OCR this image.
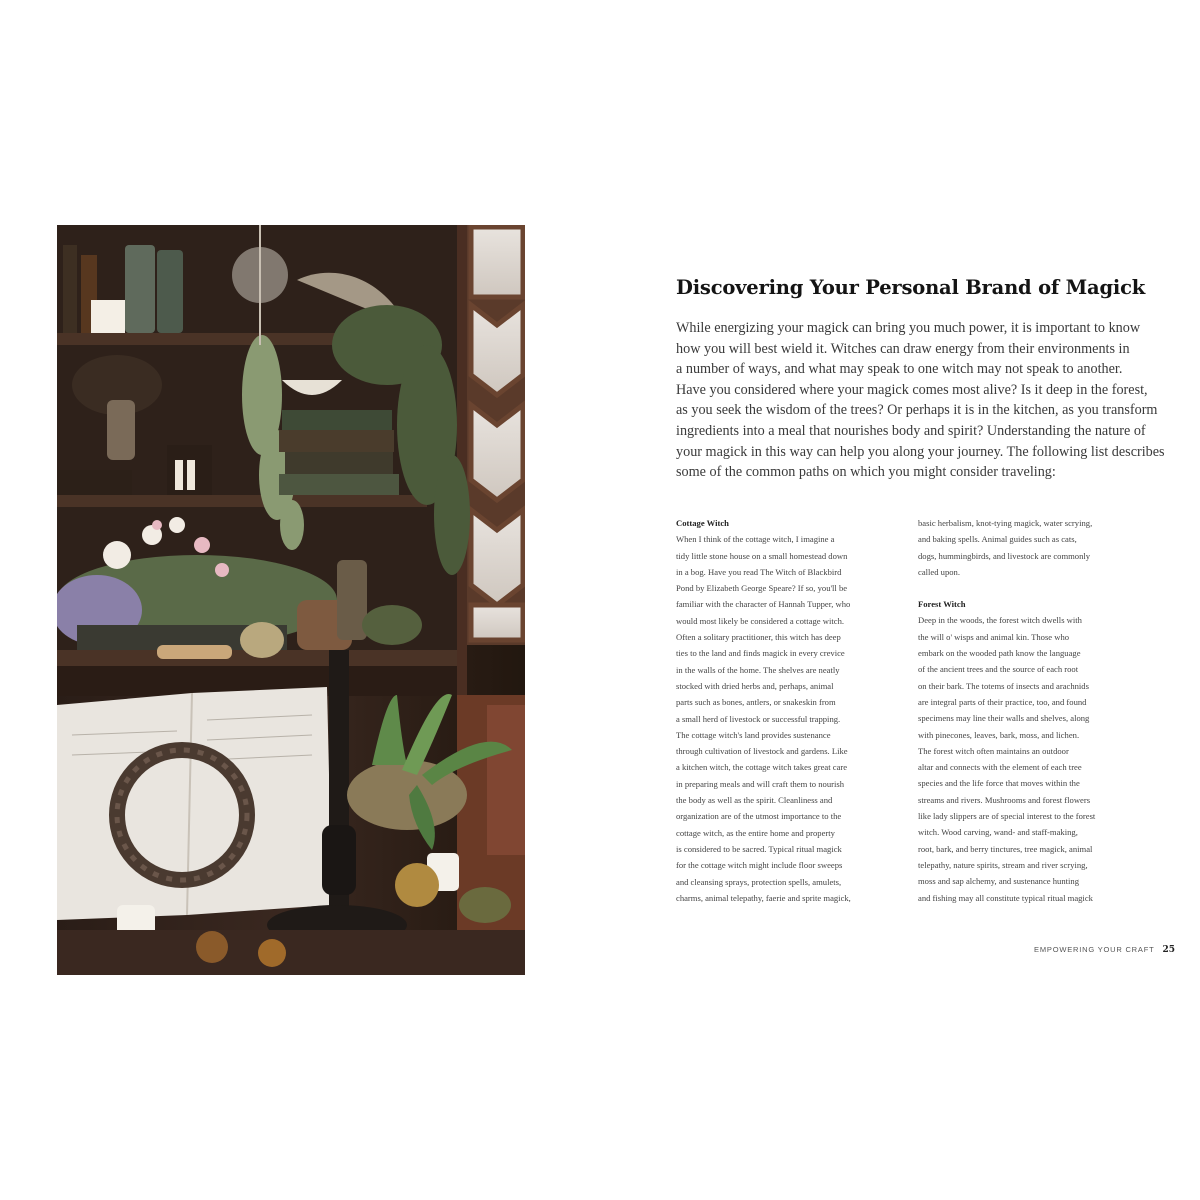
Discovering Your Personal Brand of Magick
While energizing your magick can bring you much power, it is important to know
how you will best wield it. Witches can draw energy from their environments in
a number of ways, and what may speak to one witch may not speak to another.
Have you considered where your magick comes most alive? Is it deep in the forest,
as you seek the wisdom of the trees? Or perhaps it is in the kitchen, as you transform
ingredients into a meal that nourishes body and spirit? Understanding the nature of
your magick in this way can help you along your journey. The following list describes
some of the common paths on which you might consider traveling:
Cottage Witch
When I think of the cottage witch, I imagine a
tidy little stone house on a small homestead down
in a bog. Have you read The Witch of Blackbird
Pond by Elizabeth George Speare? If so, you'll be
familiar with the character of Hannah Tupper, who
would most likely be considered a cottage witch.
Often a solitary practitioner, this witch has deep
ties to the land and finds magick in every crevice
in the walls of the home. The shelves are neatly
stocked with dried herbs and, perhaps, animal
parts such as bones, antlers, or snakeskin from
a small herd of livestock or successful trapping.
The cottage witch's land provides sustenance
through cultivation of livestock and gardens. Like
a kitchen witch, the cottage witch takes great care
in preparing meals and will craft them to nourish
the body as well as the spirit. Cleanliness and
organization are of the utmost importance to the
cottage witch, as the entire home and property
is considered to be sacred. Typical ritual magick
for the cottage witch might include floor sweeps
and cleansing sprays, protection spells, amulets,
charms, animal telepathy, faerie and sprite magick,
basic herbalism, knot-tying magick, water scrying,
and baking spells. Animal guides such as cats,
dogs, hummingbirds, and livestock are commonly
called upon.
Forest Witch
Deep in the woods, the forest witch dwells with
the will o' wisps and animal kin. Those who
embark on the wooded path know the language
of the ancient trees and the source of each root
on their bark. The totems of insects and arachnids
are integral parts of their practice, too, and found
specimens may line their walls and shelves, along
with pinecones, leaves, bark, moss, and lichen.
The forest witch often maintains an outdoor
altar and connects with the element of each tree
species and the life force that moves within the
streams and rivers. Mushrooms and forest flowers
like lady slippers are of special interest to the forest
witch. Wood carving, wand- and staff-making,
root, bark, and berry tinctures, tree magick, animal
telepathy, nature spirits, stream and river scrying,
moss and sap alchemy, and sustenance hunting
and fishing may all constitute typical ritual magick
EMPOWERING YOUR CRAFT 25
